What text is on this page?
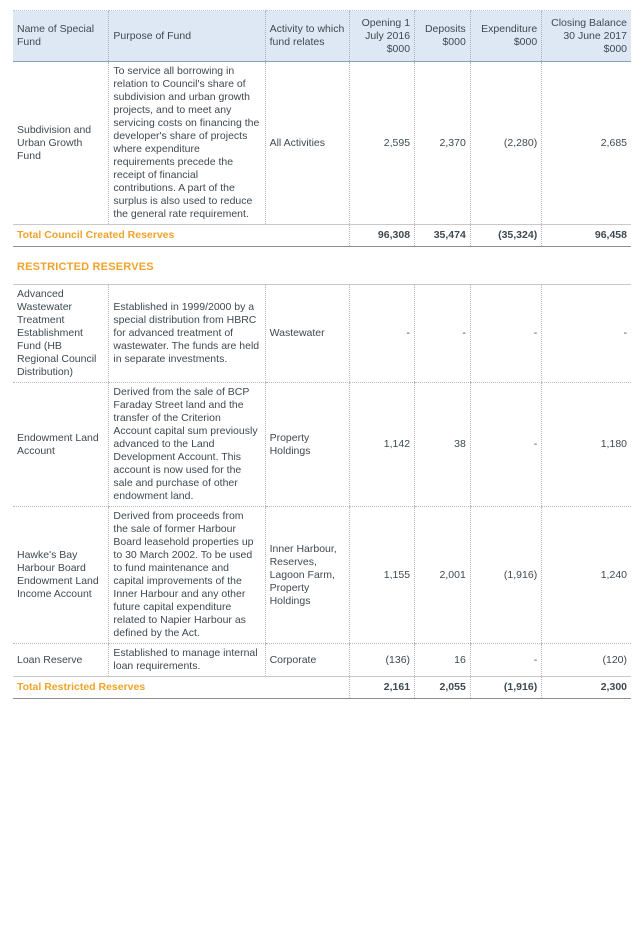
Name of Special Fund	Purpose of Fund	Activity to which fund relates	Opening 1 July 2016 $000	Deposits $000	Expenditure $000	Closing Balance 30 June 2017 $000
Subdivision and Urban Growth Fund	To service all borrowing in relation to Council's share of subdivision and urban growth projects, and to meet any servicing costs on financing the developer's share of projects where expenditure requirements precede the receipt of financial contributions. A part of the surplus is also used to reduce the general rate requirement.	All Activities	2,595	2,370	(2,280)	2,685
Total Council Created Reserves			96,308	35,474	(35,324)	96,458
RESTRICTED RESERVES						
Advanced Wastewater Treatment Establishment Fund (HB Regional Council Distribution)	Established in 1999/2000 by a special distribution from HBRC for advanced treatment of wastewater. The funds are held in separate investments.	Wastewater	-	-	-	-
Endowment Land Account	Derived from the sale of BCP Faraday Street land and the transfer of the Criterion Account capital sum previously advanced to the Land Development Account. This account is now used for the sale and purchase of other endowment land.	Property Holdings	1,142	38	-	1,180
Hawke's Bay Harbour Board Endowment Land Income Account	Derived from proceeds from the sale of former Harbour Board leasehold properties up to 30 March 2002. To be used to fund maintenance and capital improvements of the Inner Harbour and any other future capital expenditure related to Napier Harbour as defined by the Act.	Inner Harbour, Reserves, Lagoon Farm, Property Holdings	1,155	2,001	(1,916)	1,240
Loan Reserve	Established to manage internal loan requirements.	Corporate	(136)	16	-	(120)
Total Restricted Reserves			2,161	2,055	(1,916)	2,300
